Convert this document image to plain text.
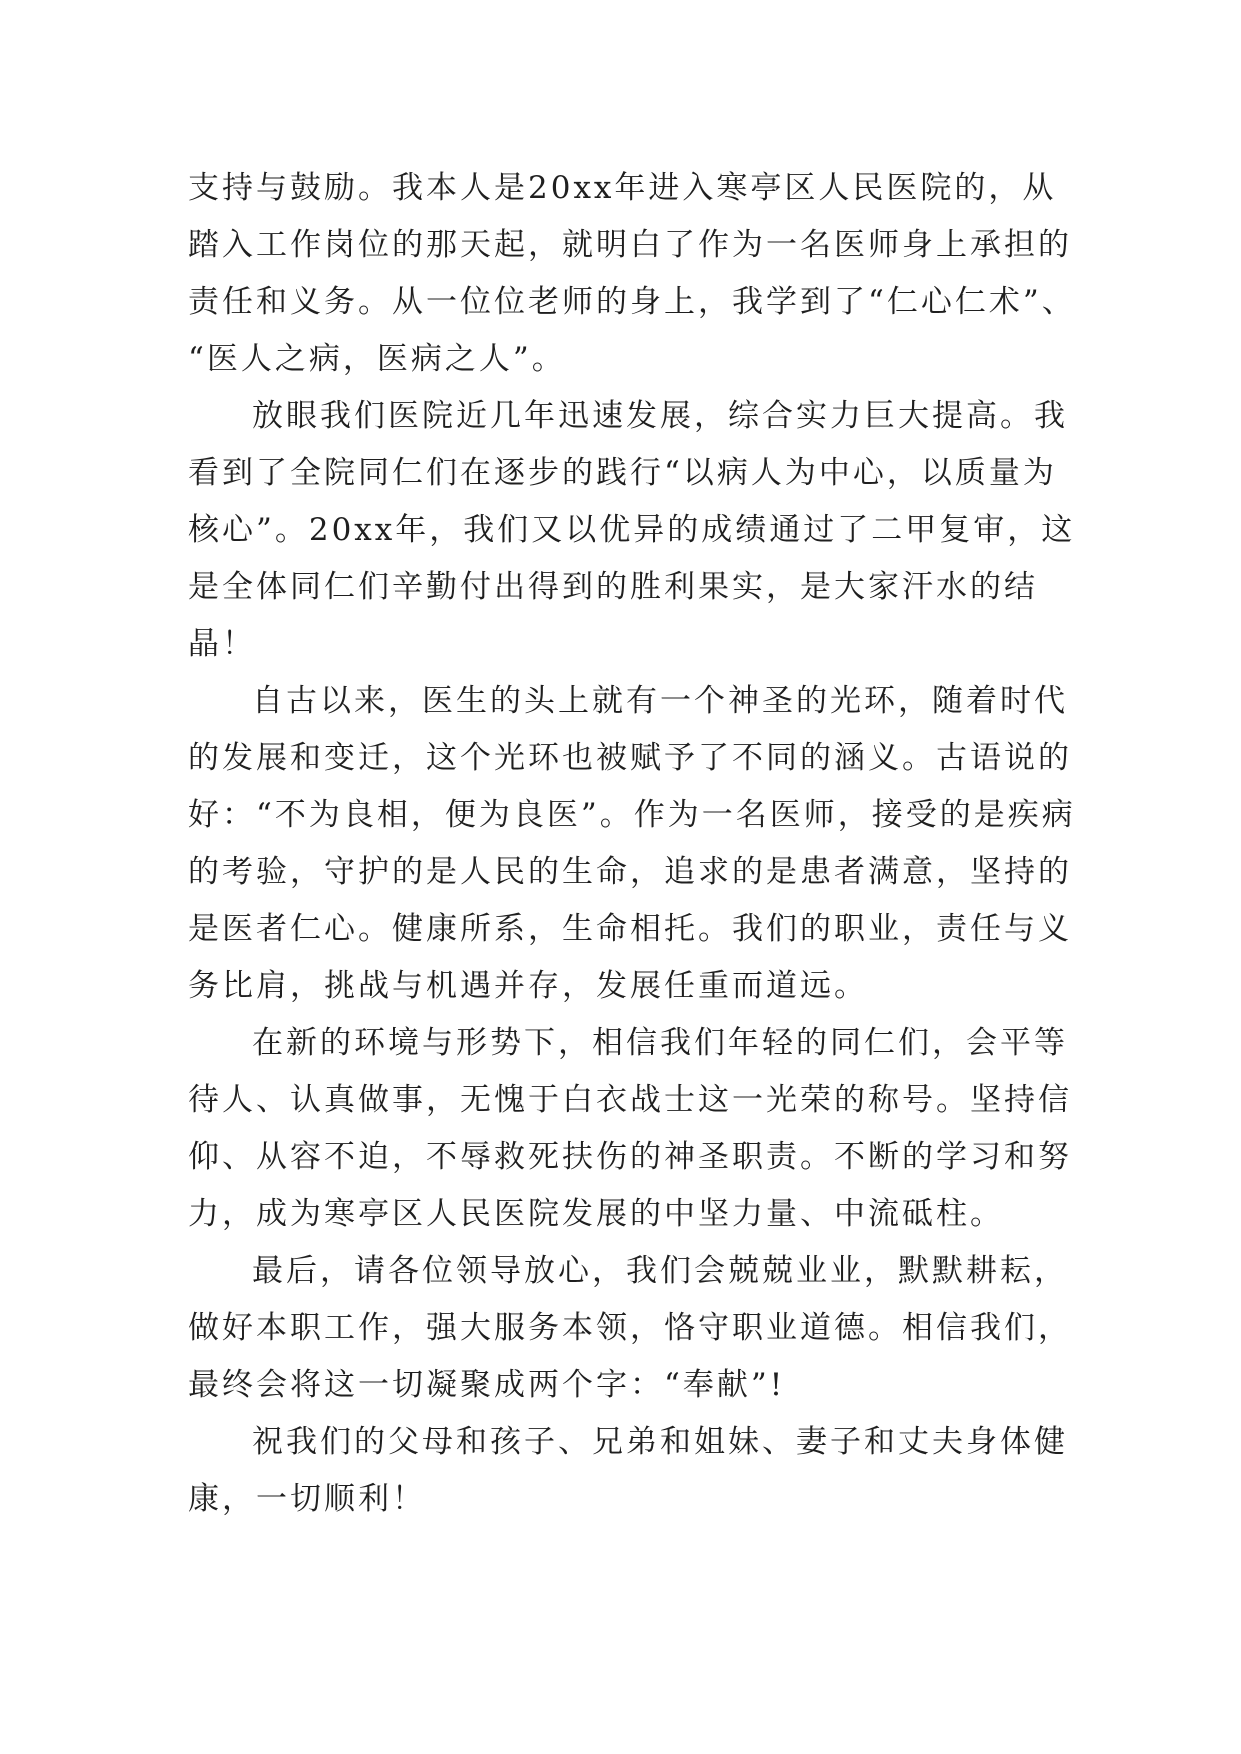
支持与鼓励。我本人是20xx年进入寒亭区人民医院的，从
踏入工作岗位的那天起，就明白了作为一名医师身上承担的
责任和义务。从一位位老师的身上，我学到了“仁心仁术”、
“医人之病，医病之人”。
放眼我们医院近几年迅速发展，综合实力巨大提高。我
看到了全院同仁们在逐步的践行“以病人为中心，以质量为
核心”。20xx年，我们又以优异的成绩通过了二甲复审，这
是全体同仁们辛勤付出得到的胜利果实，是大家汗水的结
晶！
自古以来，医生的头上就有一个神圣的光环，随着时代
的发展和变迁，这个光环也被赋予了不同的涵义。古语说的
好：“不为良相，便为良医”。作为一名医师，接受的是疾病
的考验，守护的是人民的生命，追求的是患者满意，坚持的
是医者仁心。健康所系，生命相托。我们的职业，责任与义
务比肩，挑战与机遇并存，发展任重而道远。
在新的环境与形势下，相信我们年轻的同仁们，会平等
待人、认真做事，无愧于白衣战士这一光荣的称号。坚持信
仰、从容不迫，不辱救死扶伤的神圣职责。不断的学习和努
力，成为寒亭区人民医院发展的中坚力量、中流砥柱。
最后，请各位领导放心，我们会兢兢业业，默默耕耘，
做好本职工作，强大服务本领，恪守职业道德。相信我们，
最终会将这一切凝聚成两个字：“奉献”!
祝我们的父母和孩子、兄弟和姐妹、妻子和丈夫身体健
康，一切顺利！
